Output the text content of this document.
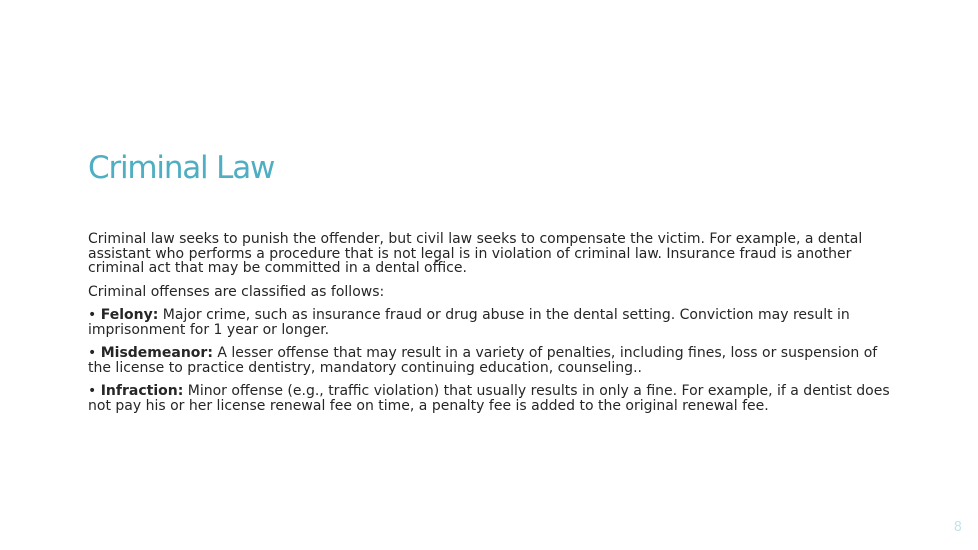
Criminal Law

Criminal law seeks to punish the offender, but civil law seeks to compensate the victim. For example, a dental assistant who performs a procedure that is not legal is in violation of criminal law. Insurance fraud is another criminal act that may be committed in a dental office.

Criminal offenses are classified as follows:

• Felony: Major crime, such as insurance fraud or drug abuse in the dental setting. Conviction may result in imprisonment for 1 year or longer.

• Misdemeanor: A lesser offense that may result in a variety of penalties, including fines, loss or suspension of the license to practice dentistry, mandatory continuing education, counseling..

• Infraction: Minor offense (e.g., traffic violation) that usually results in only a fine. For example, if a dentist does not pay his or her license renewal fee on time, a penalty fee is added to the original renewal fee.

8
